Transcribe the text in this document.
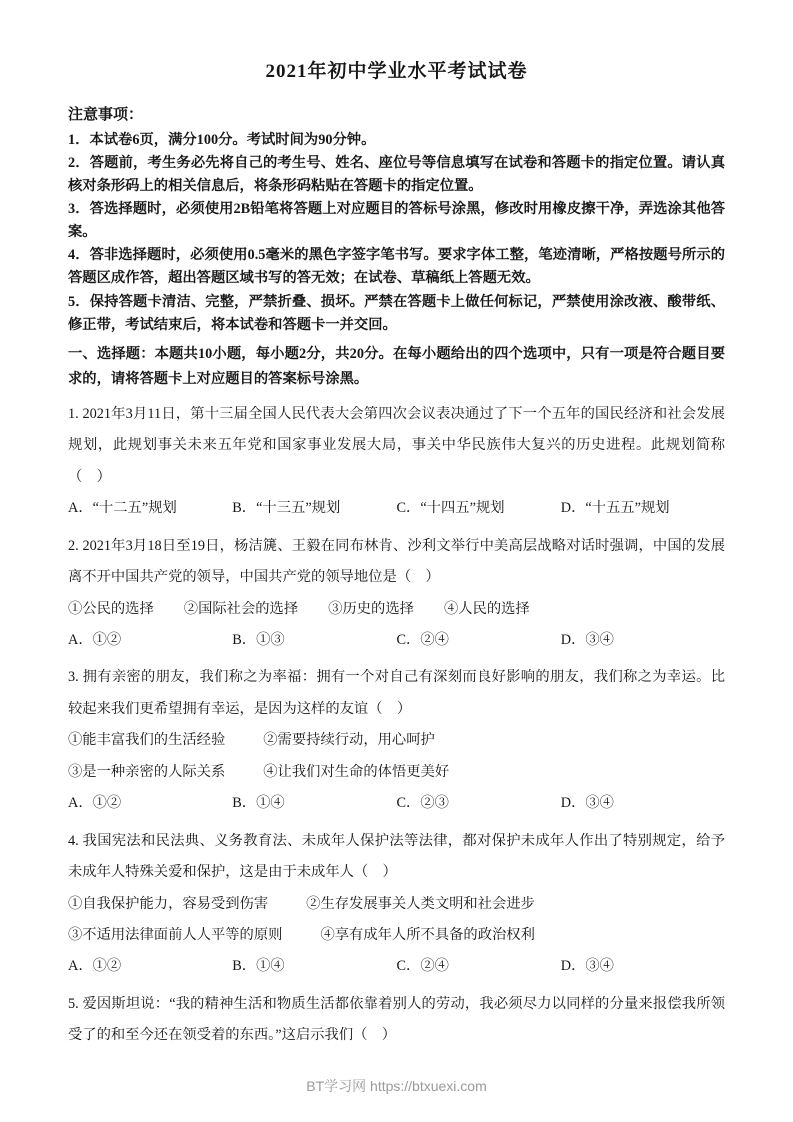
2021年初中学业水平考试试卷
注意事项：

1．本试卷6页，满分100分。考试时间为90分钟。

2．答题前，考生务必先将自己的考生号、姓名、座位号等信息填写在试卷和答题卡的指定位置。请认真核对条形码上的相关信息后，将条形码粘贴在答题卡的指定位置。

3．答选择题时，必须使用2B铅笔将答题上对应题目的答标号涂黑，修改时用橡皮擦干净，弄选涂其他答案。

4．答非选择题时，必须使用0.5毫米的黑色字签字笔书写。要求字体工整，笔迹清晰，严格按题号所示的答题区成作答，超出答题区域书写的答无效；在试卷、草稿纸上答题无效。

5．保持答题卡清洁、完整，严禁折叠、损坏。严禁在答题卡上做任何标记，严禁使用涂改液、酸带纸、修正带，考试结束后，将本试卷和答题卡一并交回。

一、选择题：本题共10小题，每小题2分，共20分。在每小题给出的四个选项中，只有一项是符合题目要求的，请将答题卡上对应题目的答案标号涂黑。

1. 2021年3月11日，第十三届全国人民代表大会第四次会议表决通过了下一个五年的国民经济和社会发展规划，此规划事关未来五年党和国家事业发展大局，事关中华民族伟大复兴的历史进程。此规划简称（　）

A．“十二五”规划	B．“十三五”规划	C．“十四五”规划	D．“十五五”规划

2. 2021年3月18日至19日，杨洁篪、王毅在同布林肯、沙利文举行中美高层战略对话时强调，中国的发展离不开中国共产党的领导，中国共产党的领导地位是（　）

①公民的选择 ②国际社会的选择 ③历史的选择 ④人民的选择
A．①②	B．①③	C．②④	D．③④

3. 拥有亲密的朋友，我们称之为率福：拥有一个对自己有深刻而良好影响的朋友，我们称之为幸运。比较起来我们更希望拥有幸运，是因为这样的友谊（　）

①能丰富我们的生活经验	②需要持续行动，用心呵护
③是一种亲密的人际关系	④让我们对生命的体悟更美好
A．①②	B．①④	C．②③	D．③④

4. 我国宪法和民法典、义务教育法、未成年人保护法等法律，都对保护未成年人作出了特别规定，给予未成年人特殊关爱和保护，这是由于未成年人（　）

①自我保护能力，容易受到伤害	②生存发展事关人类文明和社会进步
③不适用法律面前人人平等的原则	④享有成年人所不具备的政治权利
A．①②	B．①④	C．②④	D．③④

5. 爱因斯坦说：“我的精神生活和物质生活都依靠着别人的劳动，我必须尽力以同样的分量来报偿我所领受了的和至今还在领受着的东西。”这启示我们（　）

BT学习网 https://btxuexi.com
